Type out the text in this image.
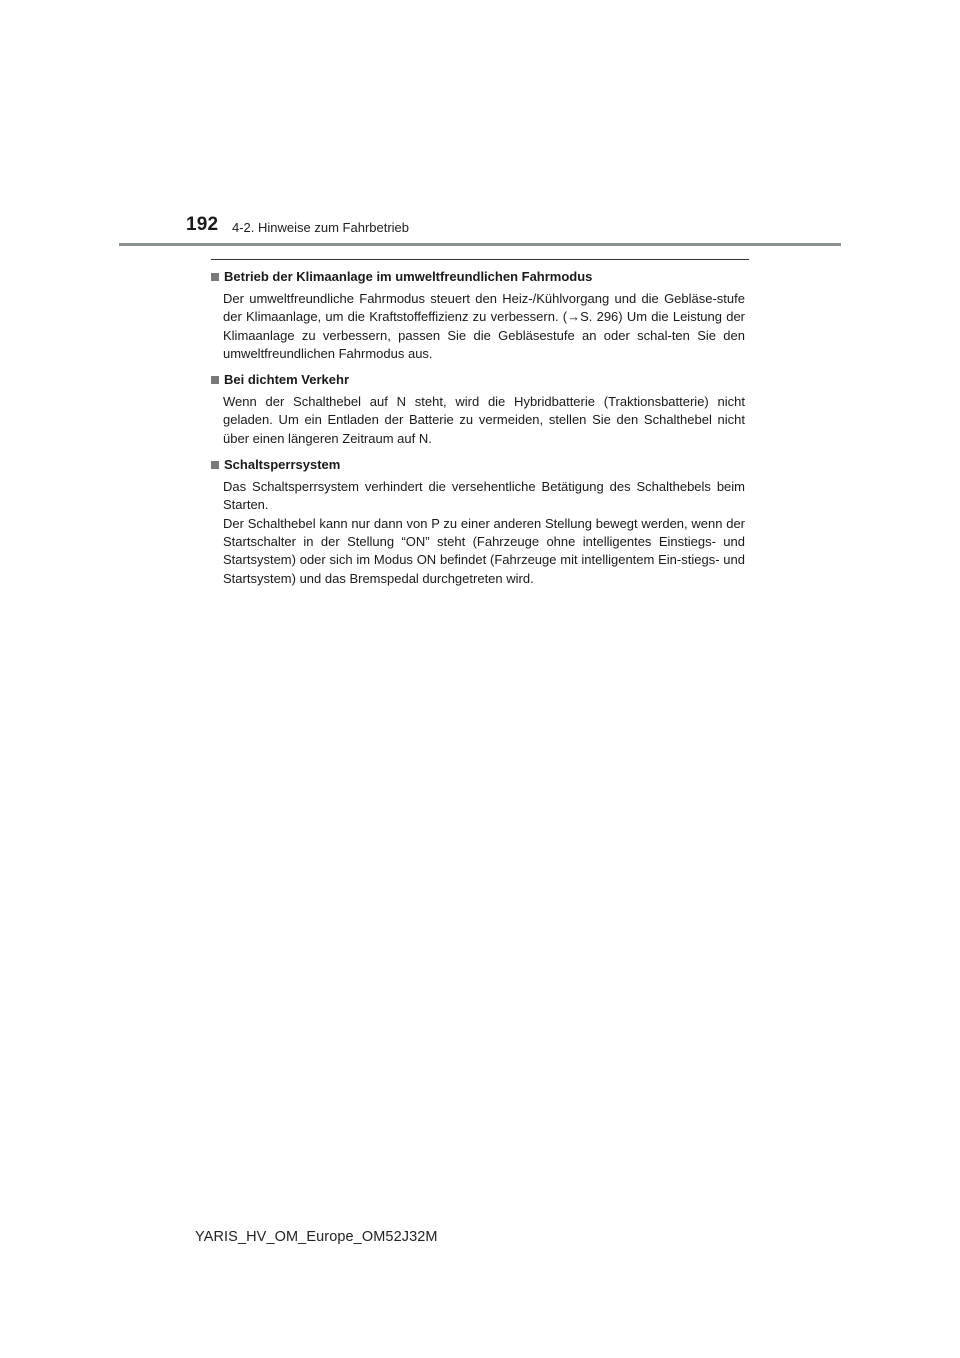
192 4-2. Hinweise zum Fahrbetrieb
Betrieb der Klimaanlage im umweltfreundlichen Fahrmodus

Der umweltfreundliche Fahrmodus steuert den Heiz-/Kühlvorgang und die Gebläse-stufe der Klimaanlage, um die Kraftstoffeffizienz zu verbessern. (→S. 296) Um die Leistung der Klimaanlage zu verbessern, passen Sie die Gebläsestufe an oder schal-ten Sie den umweltfreundlichen Fahrmodus aus.

Bei dichtem Verkehr

Wenn der Schalthebel auf N steht, wird die Hybridbatterie (Traktionsbatterie) nicht geladen. Um ein Entladen der Batterie zu vermeiden, stellen Sie den Schalthebel nicht über einen längeren Zeitraum auf N.

Schaltsperrsystem

Das Schaltsperrsystem verhindert die versehentliche Betätigung des Schalthebels beim Starten.

Der Schalthebel kann nur dann von P zu einer anderen Stellung bewegt werden, wenn der Startschalter in der Stellung “ON” steht (Fahrzeuge ohne intelligentes Einstiegs- und Startsystem) oder sich im Modus ON befindet (Fahrzeuge mit intelligentem Ein-stiegs- und Startsystem) und das Bremspedal durchgetreten wird.

YARIS_HV_OM_Europe_OM52J32M
